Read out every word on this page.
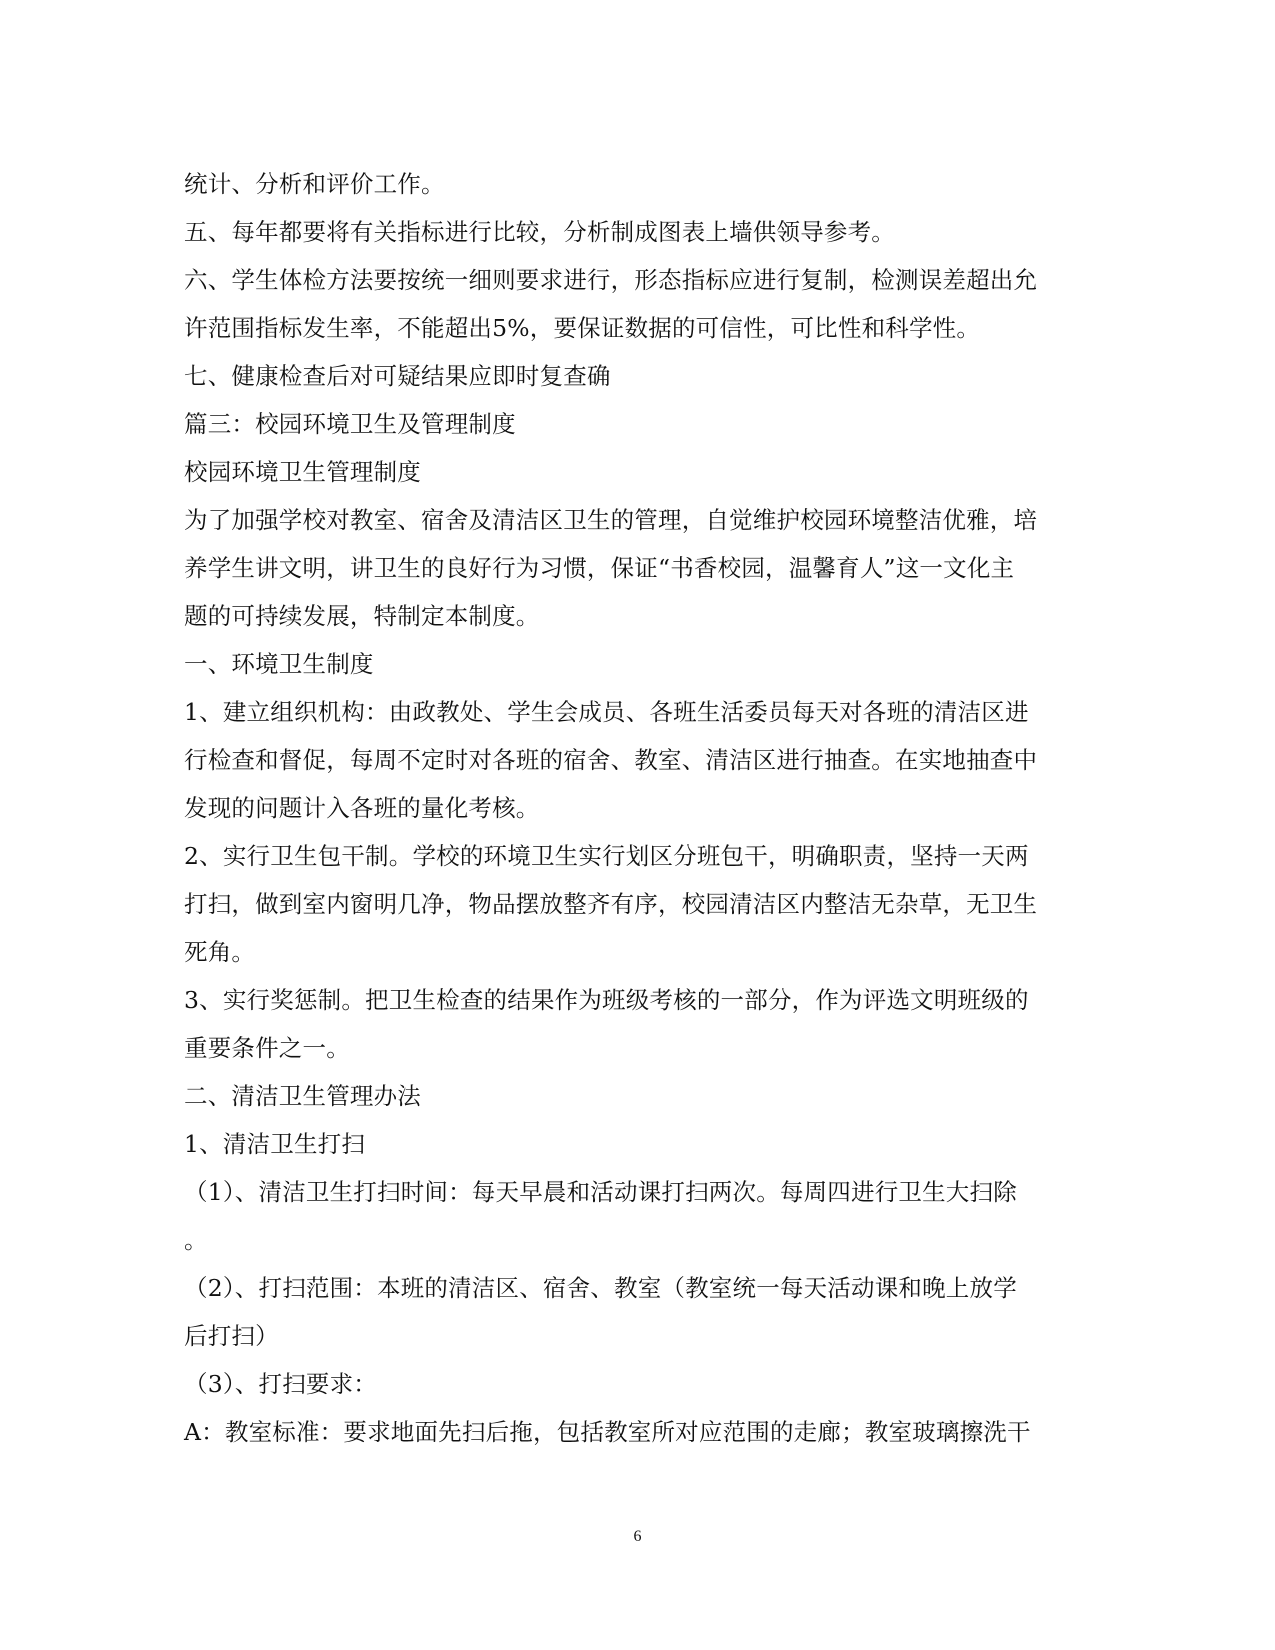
统计、分析和评价工作。
五、每年都要将有关指标进行比较，分析制成图表上墙供领导参考。
六、学生体检方法要按统一细则要求进行，形态指标应进行复制，检测误差超出允
许范围指标发生率，不能超出5%，要保证数据的可信性，可比性和科学性。
七、健康检查后对可疑结果应即时复查确
篇三：校园环境卫生及管理制度
校园环境卫生管理制度
为了加强学校对教室、宿舍及清洁区卫生的管理，自觉维护校园环境整洁优雅，培
养学生讲文明，讲卫生的良好行为习惯，保证“书香校园，温馨育人”这一文化主
题的可持续发展，特制定本制度。
一、环境卫生制度
1、建立组织机构：由政教处、学生会成员、各班生活委员每天对各班的清洁区进
行检查和督促，每周不定时对各班的宿舍、教室、清洁区进行抽查。在实地抽查中
发现的问题计入各班的量化考核。
2、实行卫生包干制。学校的环境卫生实行划区分班包干，明确职责，坚持一天两
打扫，做到室内窗明几净，物品摆放整齐有序，校园清洁区内整洁无杂草，无卫生
死角。
3、实行奖惩制。把卫生检查的结果作为班级考核的一部分，作为评选文明班级的
重要条件之一。
二、清洁卫生管理办法
1、清洁卫生打扫
（1）、清洁卫生打扫时间：每天早晨和活动课打扫两次。每周四进行卫生大扫除
。
（2）、打扫范围：本班的清洁区、宿舍、教室（教室统一每天活动课和晚上放学
后打扫）
（3）、打扫要求：
A：教室标准：要求地面先扫后拖，包括教室所对应范围的走廊；教室玻璃擦洗干
6
